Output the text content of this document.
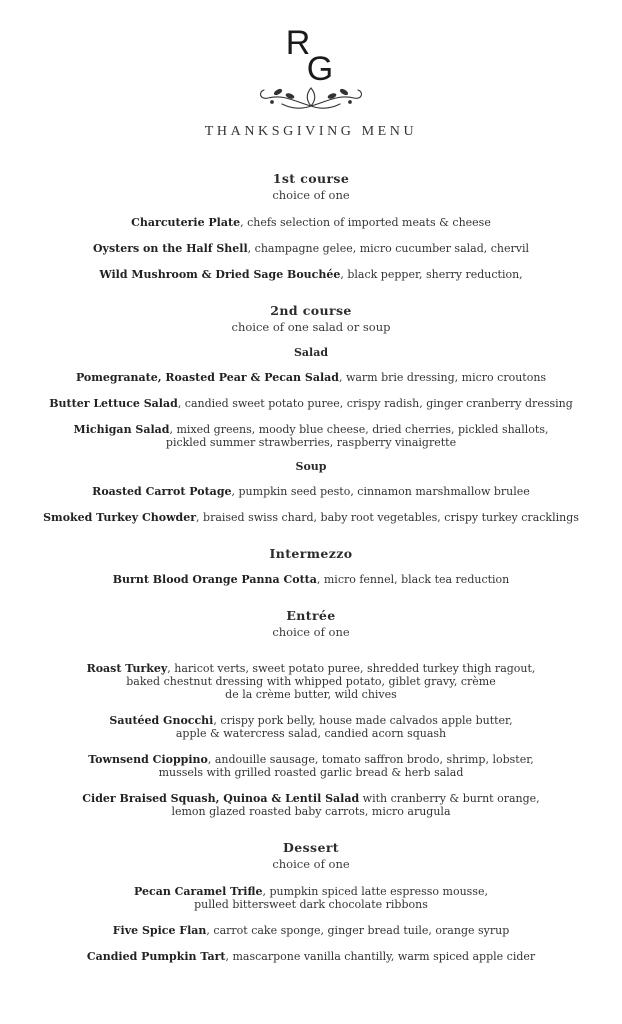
R
G
THANKSGIVING MENU
1st course
choice of one
Charcuterie Plate, chefs selection of imported meats & cheese
Oysters on the Half Shell, champagne gelee, micro cucumber salad, chervil
Wild Mushroom & Dried Sage Bouchée, black pepper, sherry reduction,
2nd course
choice of one salad or soup
Salad
Pomegranate, Roasted Pear & Pecan Salad, warm brie dressing, micro croutons
Butter Lettuce Salad, candied sweet potato puree, crispy radish, ginger cranberry dressing
Michigan Salad, mixed greens, moody blue cheese, dried cherries, pickled shallots,
pickled summer strawberries, raspberry vinaigrette
Soup
Roasted Carrot Potage, pumpkin seed pesto, cinnamon marshmallow brulee
Smoked Turkey Chowder, braised swiss chard, baby root vegetables, crispy turkey cracklings
Intermezzo
Burnt Blood Orange Panna Cotta, micro fennel, black tea reduction
Entrée
choice of one
Roast Turkey, haricot verts, sweet potato puree, shredded turkey thigh ragout,
baked chestnut dressing with whipped potato, giblet gravy, crème
de la crème butter, wild chives
Sautéed Gnocchi, crispy pork belly, house made calvados apple butter,
apple & watercress salad, candied acorn squash
Townsend Cioppino, andouille sausage, tomato saffron brodo, shrimp, lobster,
mussels with grilled roasted garlic bread & herb salad
Cider Braised Squash, Quinoa & Lentil Salad with cranberry & burnt orange,
lemon glazed roasted baby carrots, micro arugula
Dessert
choice of one
Pecan Caramel Trifle, pumpkin spiced latte espresso mousse,
pulled bittersweet dark chocolate ribbons
Five Spice Flan, carrot cake sponge, ginger bread tuile, orange syrup
Candied Pumpkin Tart, mascarpone vanilla chantilly, warm spiced apple cider
